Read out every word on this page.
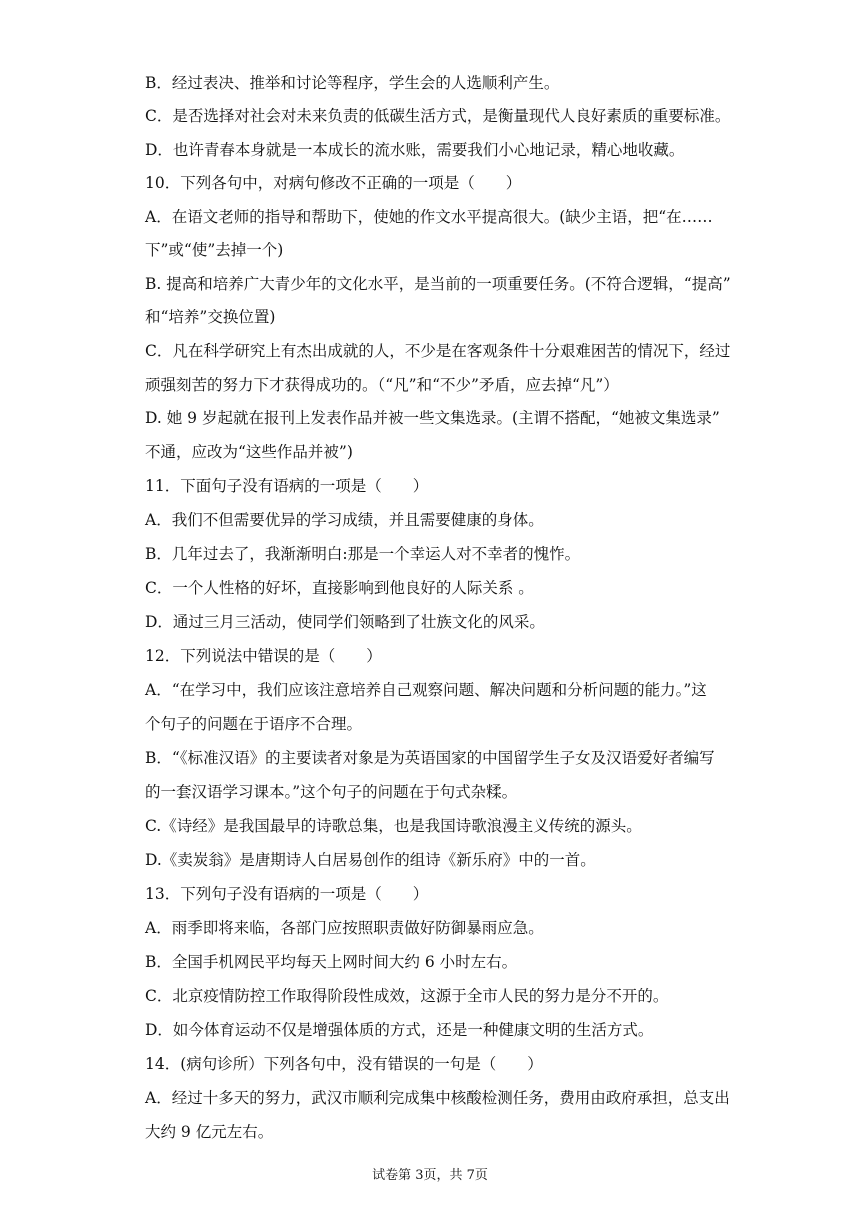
B．经过表决、推举和讨论等程序，学生会的人选顺利产生。
C．是否选择对社会对未来负责的低碳生活方式，是衡量现代人良好素质的重要标准。
D．也许青春本身就是一本成长的流水账，需要我们小心地记录，精心地收藏。
10．下列各句中，对病句修改不正确的一项是（　　）
A．在语文老师的指导和帮助下，使她的作文水平提高很大。(缺少主语，把“在……
下”或“使”去掉一个)
B. 提高和培养广大青少年的文化水平，是当前的一项重要任务。(不符合逻辑，“提高”
和“培养”交换位置)
C．凡在科学研究上有杰出成就的人，不少是在客观条件十分艰难困苦的情况下，经过
顽强刻苦的努力下才获得成功的。（“凡”和“不少”矛盾，应去掉“凡”）
D. 她 9 岁起就在报刊上发表作品并被一些文集选录。(主谓不搭配，“她被文集选录”
不通，应改为“这些作品并被”)
11．下面句子没有语病的一项是（　　）
A．我们不但需要优异的学习成绩，并且需要健康的身体。
B．几年过去了，我渐渐明白:那是一个幸运人对不幸者的愧怍。
C．一个人性格的好坏，直接影响到他良好的人际关系 。
D．通过三月三活动，使同学们领略到了壮族文化的风采。
12．下列说法中错误的是（　　）
A．“在学习中，我们应该注意培养自己观察问题、解决问题和分析问题的能力。”这
个句子的问题在于语序不合理。
B．“《标准汉语》的主要读者对象是为英语国家的中国留学生子女及汉语爱好者编写
的一套汉语学习课本。”这个句子的问题在于句式杂糅。
C.《诗经》是我国最早的诗歌总集，也是我国诗歌浪漫主义传统的源头。
D.《卖炭翁》是唐期诗人白居易创作的组诗《新乐府》中的一首。
13．下列句子没有语病的一项是（　　）
A．雨季即将来临，各部门应按照职责做好防御暴雨应急。
B．全国手机网民平均每天上网时间大约 6 小时左右。
C．北京疫情防控工作取得阶段性成效，这源于全市人民的努力是分不开的。
D．如今体育运动不仅是增强体质的方式，还是一种健康文明的生活方式。
14．(病句诊所）下列各句中，没有错误的一句是（　　）
A．经过十多天的努力，武汉市顺利完成集中核酸检测任务，费用由政府承担，总支出
大约 9 亿元左右。
试卷第 3页，共 7页
